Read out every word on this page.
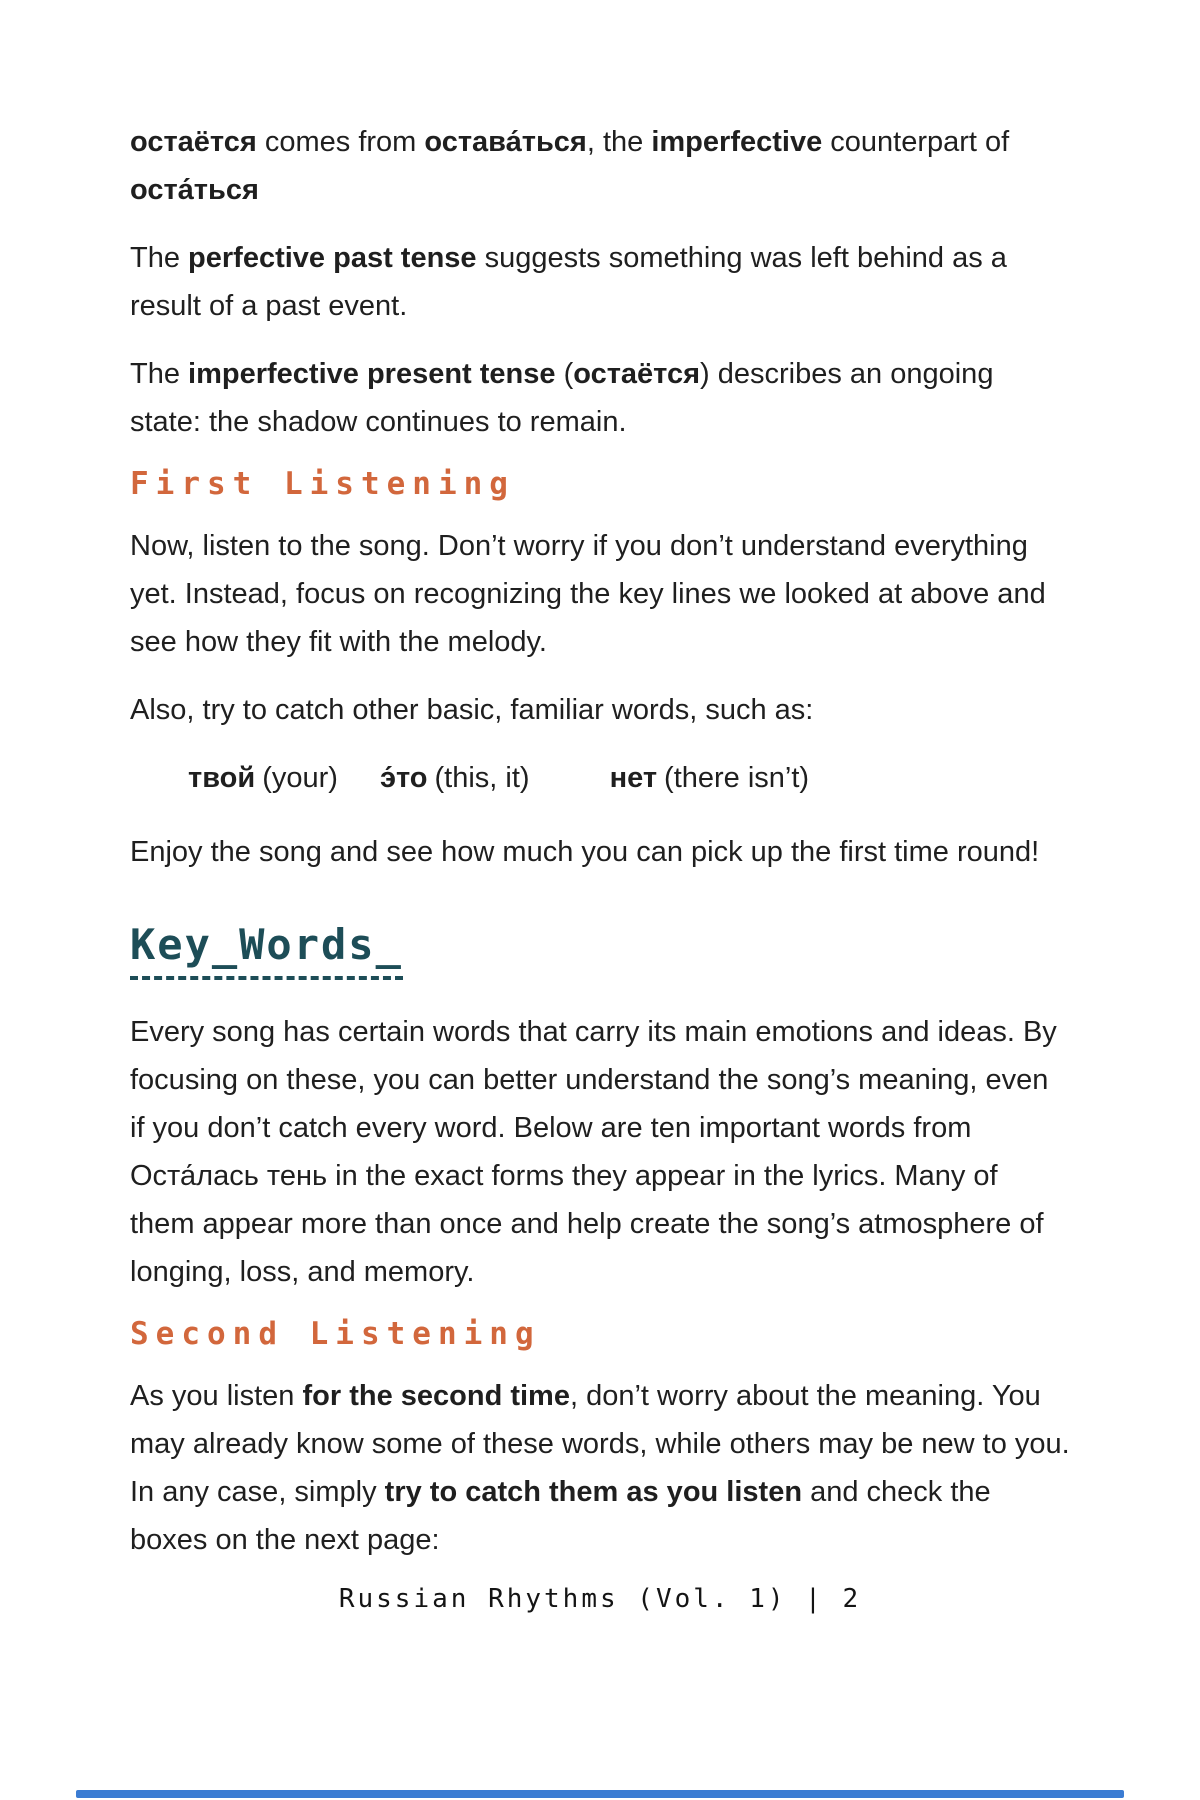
остаётся comes from остава́ться, the imperfective counterpart of оста́ться

The perfective past tense suggests something was left behind as a result of a past event.

The imperfective present tense (остаётся) describes an ongoing state: the shadow continues to remain.

First Listening

Now, listen to the song. Don’t worry if you don’t understand everything yet. Instead, focus on recognizing the key lines we looked at above and see how they fit with the melody.

Also, try to catch other basic, familiar words, such as:

твой (your) э́то (this, it)	нет (there isn’t)

Enjoy the song and see how much you can pick up the first time round!

Key_Words_

Every song has certain words that carry its main emotions and ideas. By focusing on these, you can better understand the song’s meaning, even if you don’t catch every word. Below are ten important words from Оста́лась тень in the exact forms they appear in the lyrics. Many of them appear more than once and help create the song’s atmosphere of longing, loss, and memory.

Second Listening

As you listen for the second time, don’t worry about the meaning. You may already know some of these words, while others may be new to you. In any case, simply try to catch them as you listen and check the boxes on the next page:

Russian Rhythms (Vol. 1) | 2
